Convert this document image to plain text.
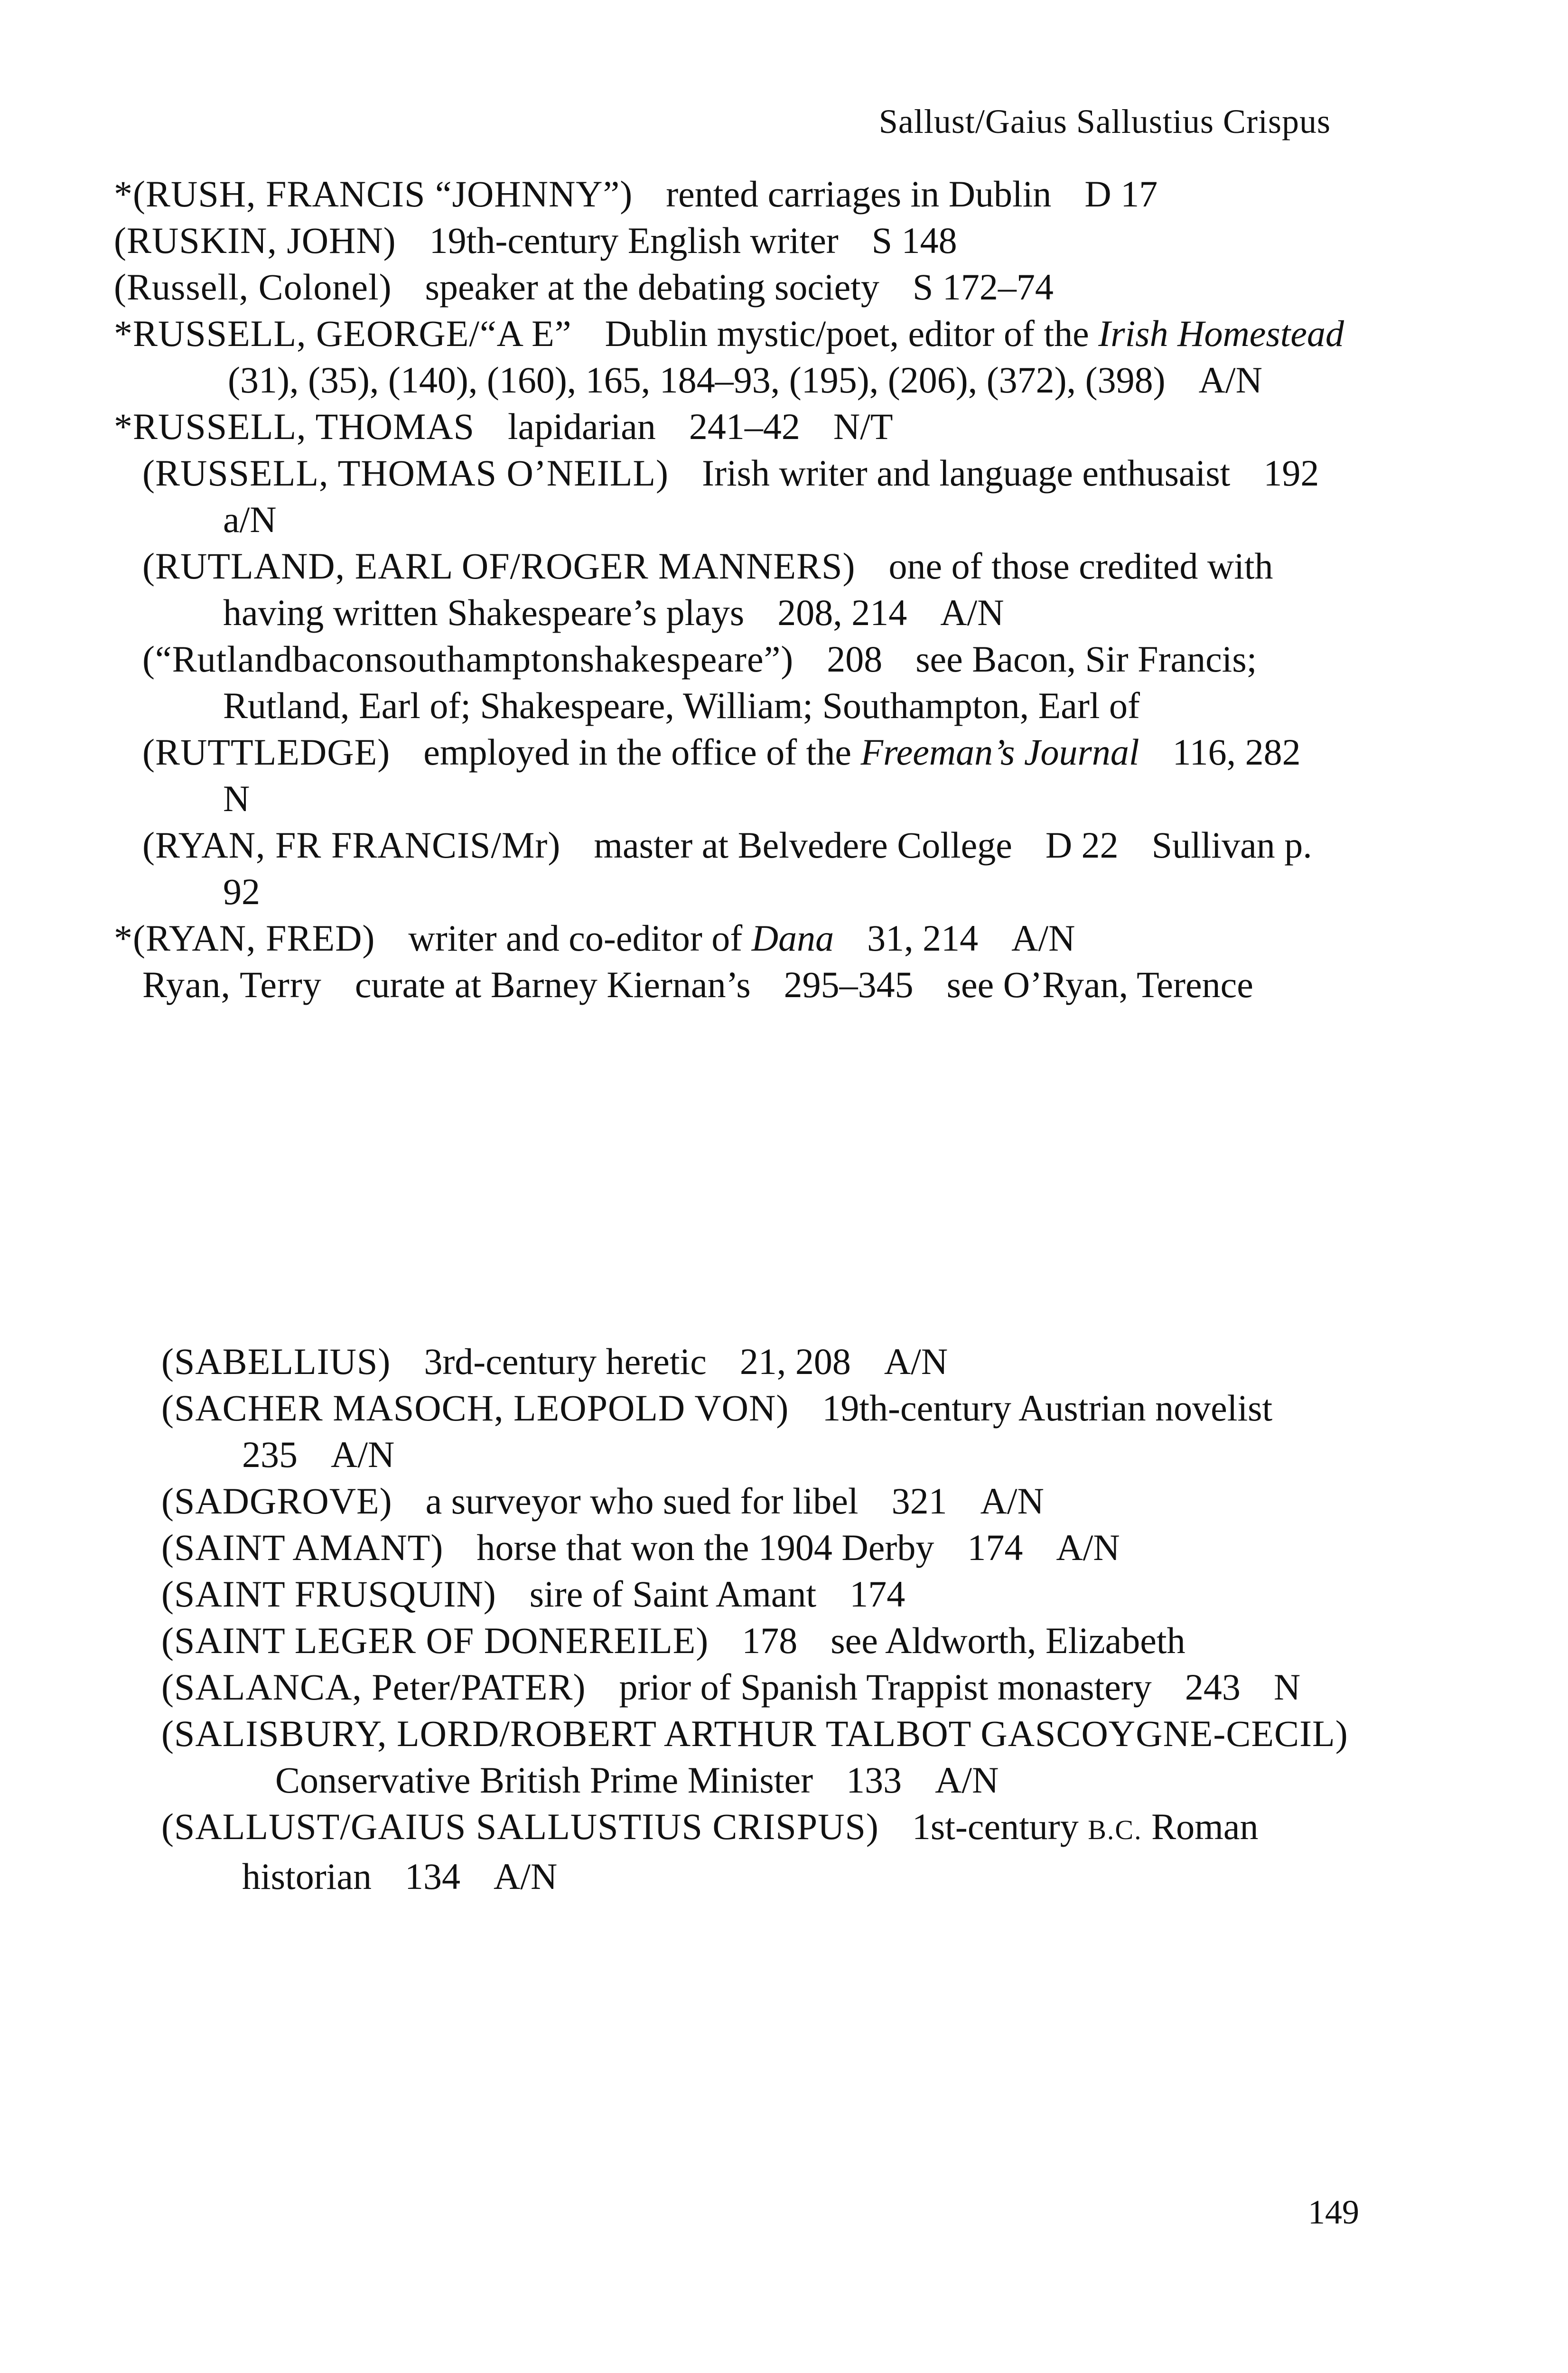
Sallust/Gaius Sallustius Crispus

*(RUSH, FRANCIS “JOHNNY”) rented carriages in Dublin D 17

(RUSKIN, JOHN) 19th-century English writer S 148

(Russell, Colonel) speaker at the debating society S 172–74

*RUSSELL, GEORGE/“A E” Dublin mystic/poet, editor of the Irish Homestead(31), (35), (140), (160), 165, 184–93, (195), (206), (372), (398) A/N

*RUSSELL, THOMAS lapidarian 241–42 N/T

(RUSSELL, THOMAS O’NEILL) Irish writer and language enthusaist 192a/N

(RUTLAND, EARL OF/ROGER MANNERS) one of those credited with having written Shakespeare’s plays 208, 214 A/N

(“Rutlandbaconsouthamptonshakespeare”) 208 see Bacon, Sir Francis; Rutland, Earl of; Shakespeare, William; Southampton, Earl of

(RUTTLEDGE) employed in the office of the Freeman’s Journal 116, 282N

(RYAN, FR FRANCIS/Mr) master at Belvedere College D 22 Sullivan p. 92

*(RYAN, FRED) writer and co-editor of Dana 31, 214 A/N

Ryan, Terry curate at Barney Kiernan’s 295–345 see O’Ryan, Terence

(SABELLIUS) 3rd-century heretic 21, 208 A/N

(SACHER MASOCH, LEOPOLD VON) 19th-century Austrian novelist235 A/N

(SADGROVE) a surveyor who sued for libel 321 A/N

(SAINT AMANT) horse that won the 1904 Derby 174 A/N

(SAINT FRUSQUIN) sire of Saint Amant 174

(SAINT LEGER OF DONEREILE) 178 see Aldworth, Elizabeth

(SALANCA, Peter/PATER) prior of Spanish Trappist monastery 243 N

(SALISBURY, LORD/ROBERT ARTHUR TALBOT GASCOYGNE-CECIL)Conservative British Prime Minister 133 A/N

(SALLUST/GAIUS SALLUSTIUS CRISPUS) 1st-century B.C. Roman historian 134 A/N

149
